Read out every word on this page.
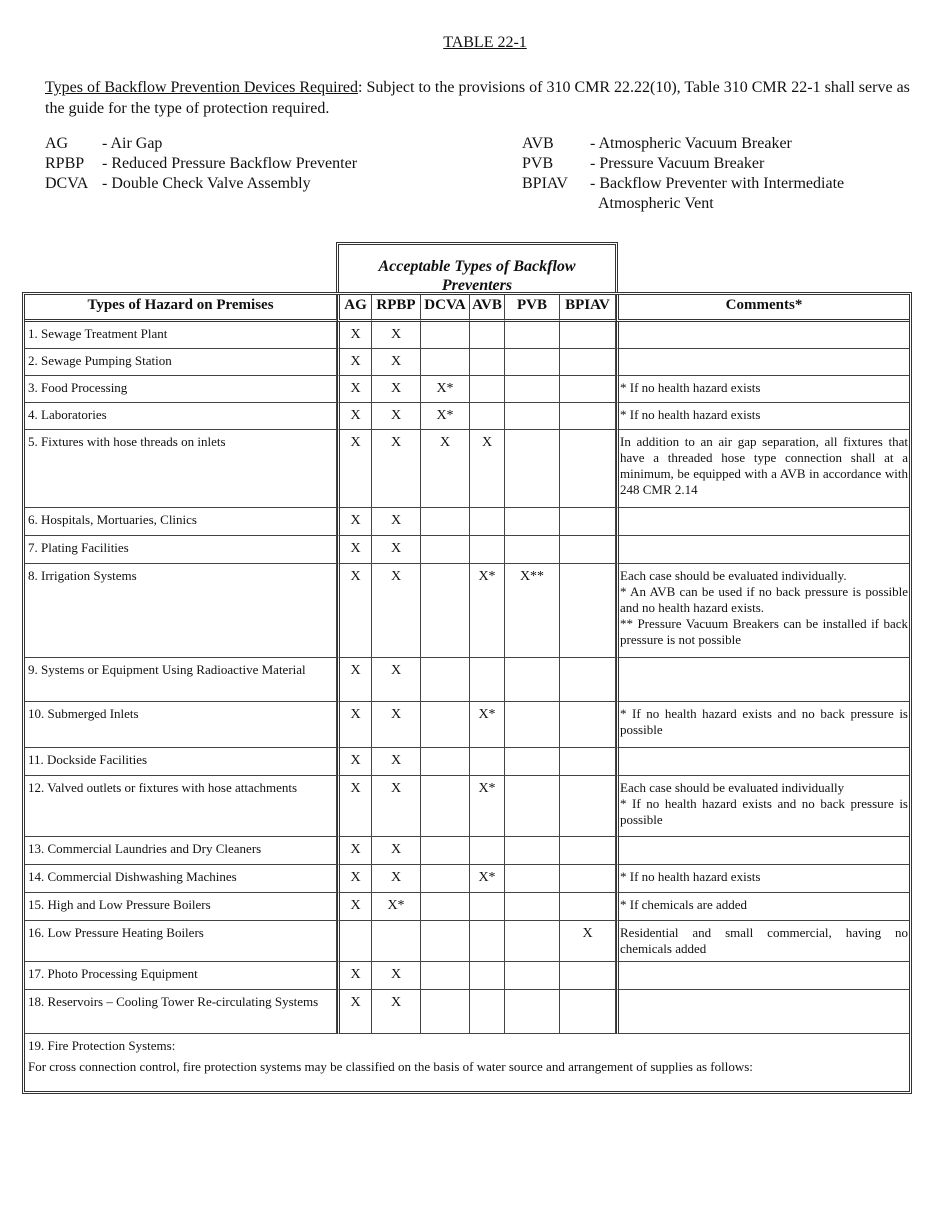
TABLE 22-1
Types of Backflow Prevention Devices Required: Subject to the provisions of 310 CMR 22.22(10), Table 310 CMR 22-1 shall serve as the guide for the type of protection required.
AG	- Air Gap
RPBP	- Reduced Pressure Backflow Preventer
DCVA - Double Check Valve Assembly
AVB	- Atmospheric Vacuum Breaker
PVB	- Pressure Vacuum Breaker
BPIAV	- Backflow Preventer with Intermediate Atmospheric Vent
Acceptable Types of Backflow
Preventers
Types of Hazard on Premises	AG	RPBP	DCVA	AVB	PVB	BPIAV	Comments*
1. Sewage Treatment Plant	X	X					
2. Sewage Pumping Station	X	X					
3. Food Processing	X	X	X*				* If no health hazard exists
4. Laboratories	X	X	X*				* If no health hazard exists
5. Fixtures with hose threads on inlets	X	X	X	X			In addition to an air gap separation, all fixtures that have a threaded hose type connection shall at a minimum, be equipped with a AVB in accordance with 248 CMR 2.14
6. Hospitals, Mortuaries, Clinics	X	X					
7. Plating Facilities	X	X					
8. Irrigation Systems	X	X		X*	X**		Each case should be evaluated individually.
* An AVB can be used if no back pressure is possible and no health hazard exists.
** Pressure Vacuum Breakers can be installed if back pressure is not possible
9. Systems or Equipment Using Radioactive Material	X	X					
10. Submerged Inlets	X	X		X*			* If no health hazard exists and no back pressure is possible
11. Dockside Facilities	X	X					
12. Valved outlets or fixtures with hose attachments	X	X		X*			Each case should be evaluated individually
* If no health hazard exists and no back pressure is possible
13. Commercial Laundries and Dry Cleaners	X	X					
14. Commercial Dishwashing Machines	X	X		X*			* If no health hazard exists
15. High and Low Pressure Boilers	X	X*					* If chemicals are added
16. Low Pressure Heating Boilers						X	Residential and small commercial, having no chemicals added
17. Photo Processing Equipment	X	X					
18. Reservoirs – Cooling Tower Re-circulating Systems	X	X					

19. Fire Protection Systems:
For cross connection control, fire protection systems may be classified on the basis of water source and arrangement of supplies as follows:							
